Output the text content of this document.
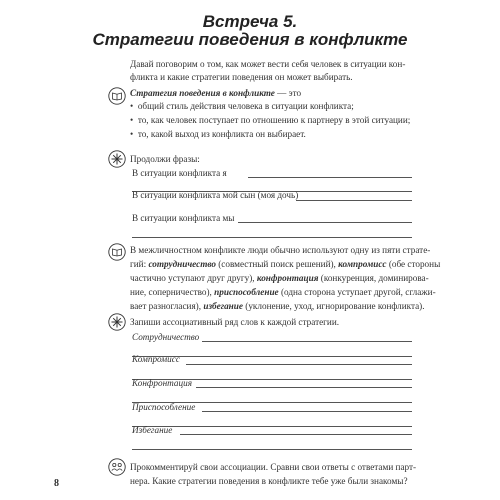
Встреча 5.
Стратегии поведения в конфликте
Давай поговорим о том, как может вести себя человек в ситуации кон-
фликта и какие стратегии поведения он может выбирать.
Стратегия поведения в конфликте — это
•  общий стиль действия человека в ситуации конфликта;
•  то, как человек поступает по отношению к партнеру в этой ситуации;
•  то, какой выход из конфликта он выбирает.
Продолжи фразы:
В ситуации конфликта я
В ситуации конфликта мой сын (моя дочь)
В ситуации конфликта мы
В межличностном конфликте люди обычно используют одну из пяти страте-
гий: сотрудничество (совместный поиск решений), компромисс (обе стороны
частично уступают друг другу), конфронтация (конкуренция, доминирова-
ние, соперничество), приспособление (одна сторона уступает другой, сглажи-
вает разногласия), избегание (уклонение, уход, игнорирование конфликта).
Запиши ассоциативный ряд слов к каждой стратегии.
Сотрудничество
Компромисс
Конфронтация
Приспособление
Избегание
Прокомментируй свои ассоциации. Сравни свои ответы с ответами парт-
нера. Какие стратегии поведения в конфликте тебе уже были знакомы?
8
